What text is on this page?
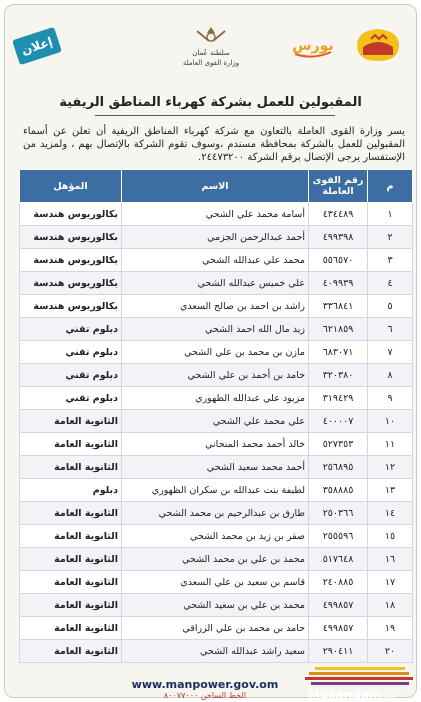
إعلان	سلطنة عُمان
وزارة القوى العاملة
نورس
المقبولين للعمل بشركة كهرباء المناطق الريفية
يسر وزارة القوى العاملة بالتعاون مع شركة كهرباء المناطق الريفية أن تعلن عن أسماء المقبولين للعمل بالشركة بمحافظة مسندم ،وسوف تقوم الشركة بالإتصال بهم ، ولمزيد من الإستفسار يرجى الإتصال برقم الشركة ٢٤٤٧٣٢٠٠.
م	رقم القوى العاملة	الاسم	المؤهل
١	٤٣٤٤٨٩	أسامة محمد علي الشحي	بكالوريوس هندسة
٢	٤٩٩٣٩٨	أحمد عبدالرحمن الجزمي	بكالوريوس هندسة
٣	٥٥٦٥٧٠	محمد علي عبدالله الشحي	بكالوريوس هندسة
٤	٤٠٩٩٣٩	علي خميس عبدالله الشحي	بكالوريوس هندسة
٥	٣٣٦٨٤١	راشد بن احمد بن صالح السعدي	بكالوريوس هندسة
٦	٦٢١٨٥٩	زيد مال الله احمد الشحي	دبلوم تقني
٧	٦٨٣٠٧١	مازن بن محمد بن علي الشحي	دبلوم تقني
٨	٣٢٠٣٨٠	حامد بن أحمد بن علي الشحي	دبلوم تقني
٩	٣١٩٤٢٩	مزيود علي عبدالله الظهوري	دبلوم تقني
١٠	٤٠٠٠٠٧	علي محمد علي الشحي	الثانوية العامة
١١	٥٢٧٣٥٣	خالد أحمد محمد المنحاني	الثانوية العامة
١٢	٢٥٦٨٩٥	أحمد محمد سعيد الشحي	الثانوية العامة
١٣	٣٥٨٨٨٥	لطيفة بنت عبدالله بن سكران الظهوري	دبلوم
١٤	٢٥٠٣٦٦	طارق بن عبدالرحيم بن محمد الشحي	الثانوية العامة
١٥	٢٥٥٥٩٦	صقر بن زيد بن محمد الشحي	الثانوية العامة
١٦	٥١٧٦٤٨	محمد بن علي بن محمد الشحي	الثانوية العامة
١٧	٢٤٠٨٨٥	قاسم بن سعيد بن علي السعدي	الثانوية العامة
١٨	٤٩٩٨٥٧	محمد بن علي بن سعيد الشحي	الثانوية العامة
١٩	٤٩٩٨٥٧	حامد بن محمد بن علي الزراقي	الثانوية العامة
٢٠	٢٩٠٤١١	سعيد راشد عبدالله الشحي	الثانوية العامة
Musandam.net
www.manpower.gov.om
الخط الساخن ٨٠٠٧٧٠٠٠
